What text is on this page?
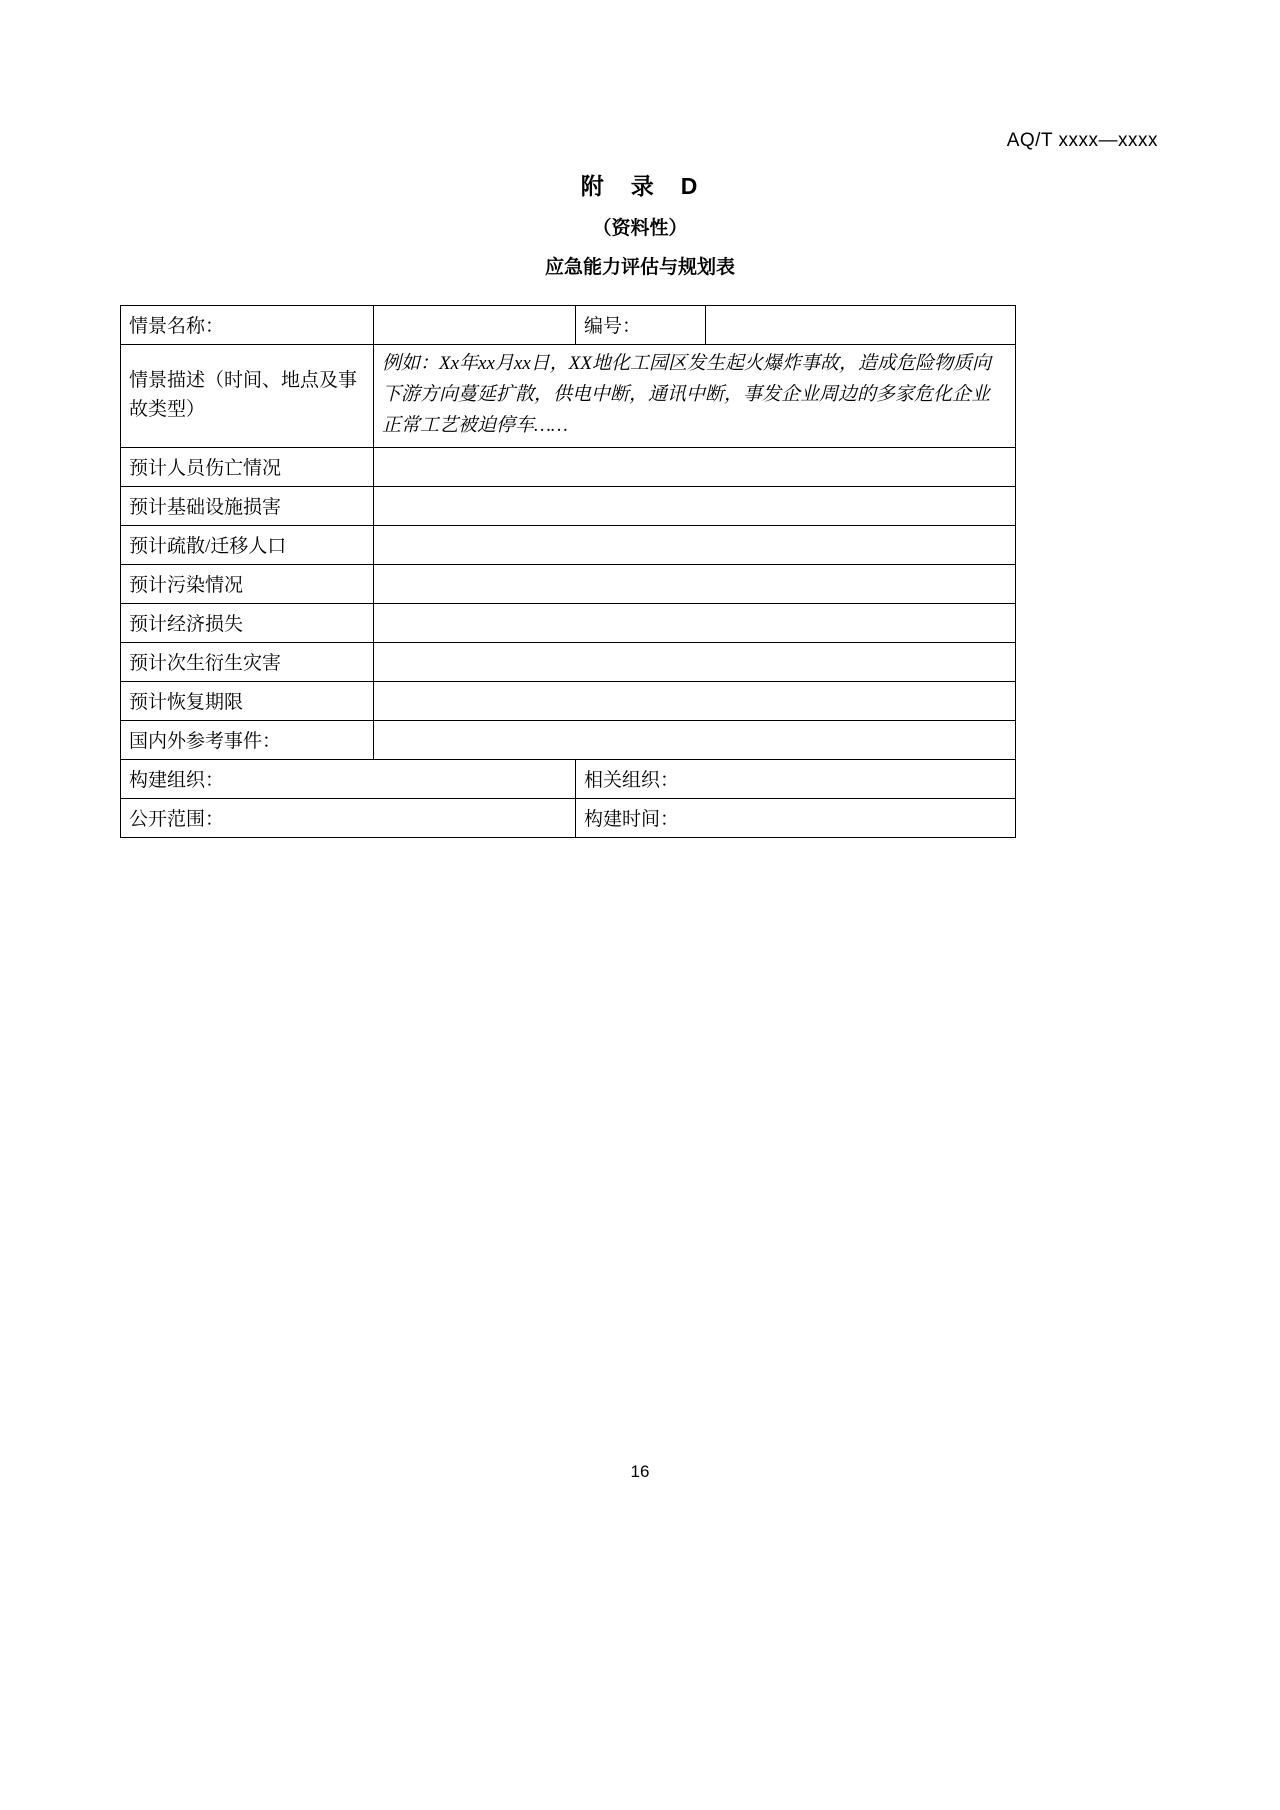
AQ/T xxxx—xxxx
附　录　D
（资料性）
应急能力评估与规划表
情景名称：		编号：	
情景描述（时间、地点及事故类型）	例如：Xx年xx月xx日，XX地化工园区发生起火爆炸事故，造成危险物质向下游方向蔓延扩散，供电中断，通讯中断，事发企业周边的多家危化企业正常工艺被迫停车……		
预计人员伤亡情况			
预计基础设施损害			
预计疏散/迁移人口			
预计污染情况			
预计经济损失			
预计次生衍生灾害			
预计恢复期限			
国内外参考事件：			
构建组织：		相关组织：	
公开范围：		构建时间：	
16
